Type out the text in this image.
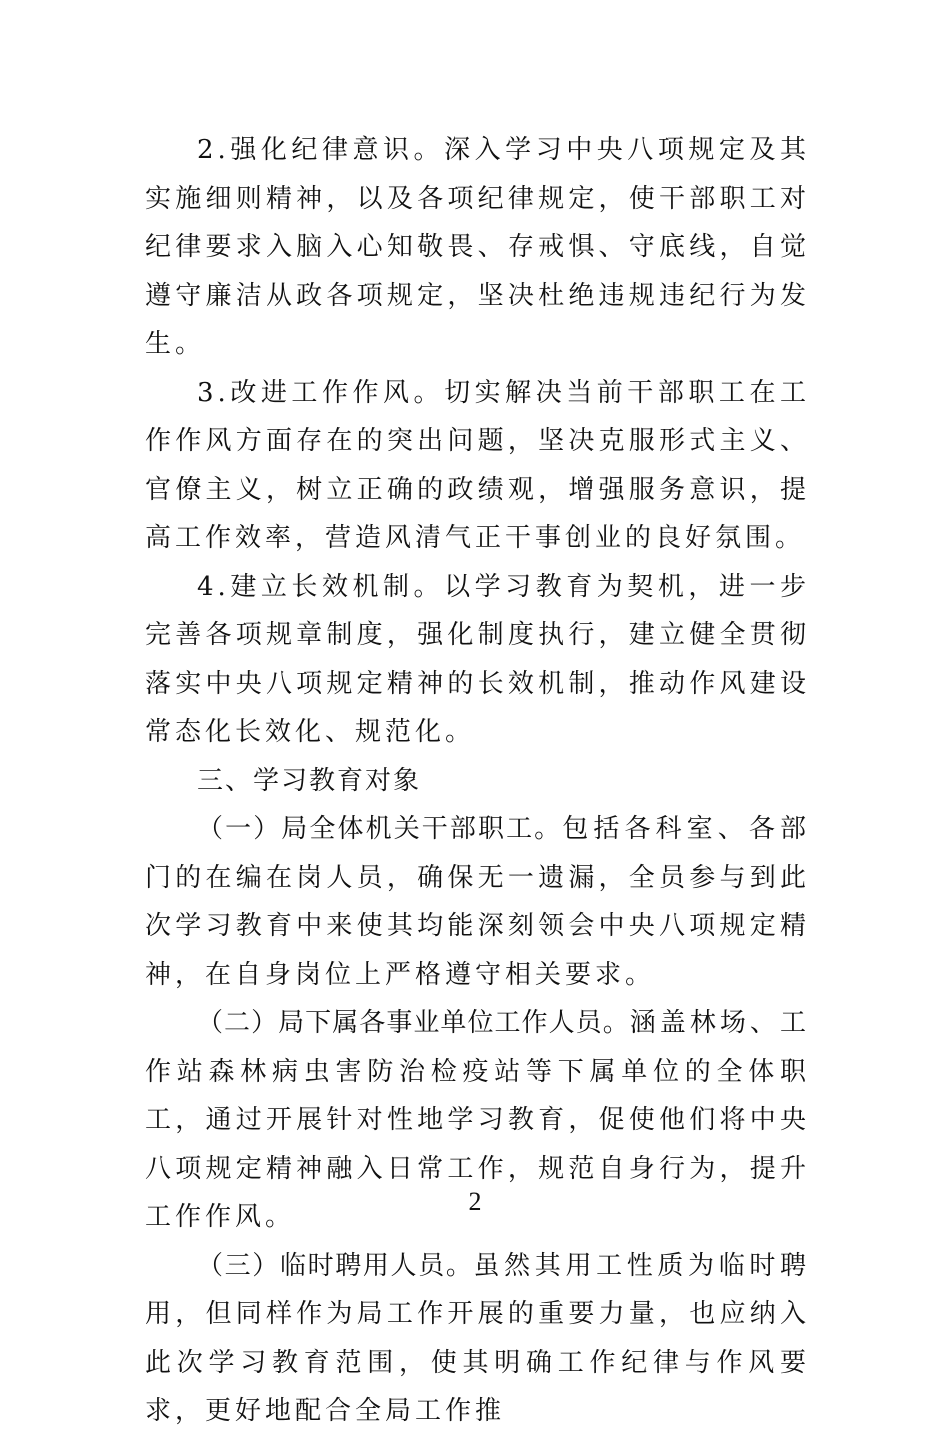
2.强化纪律意识。深入学习中央八项规定及其实施细则精神，以及各项纪律规定，使干部职工对纪律要求入脑入心知敬畏、存戒惧、守底线，自觉遵守廉洁从政各项规定，坚决杜绝违规违纪行为发生。

3.改进工作作风。切实解决当前干部职工在工作作风方面存在的突出问题，坚决克服形式主义、官僚主义，树立正确的政绩观，增强服务意识，提高工作效率，营造风清气正干事创业的良好氛围。

4.建立长效机制。以学习教育为契机，进一步完善各项规章制度，强化制度执行，建立健全贯彻落实中央八项规定精神的长效机制，推动作风建设常态化长效化、规范化。

三、学习教育对象

（一）局全体机关干部职工。包括各科室、各部门的在编在岗人员，确保无一遗漏，全员参与到此次学习教育中来使其均能深刻领会中央八项规定精神，在自身岗位上严格遵守相关要求。

（二）局下属各事业单位工作人员。涵盖林场、工作站森林病虫害防治检疫站等下属单位的全体职工，通过开展针对性地学习教育，促使他们将中央八项规定精神融入日常工作，规范自身行为，提升工作作风。

（三）临时聘用人员。虽然其用工性质为临时聘用，但同样作为局工作开展的重要力量，也应纳入此次学习教育范围，使其明确工作纪律与作风要求，更好地配合全局工作推

2
